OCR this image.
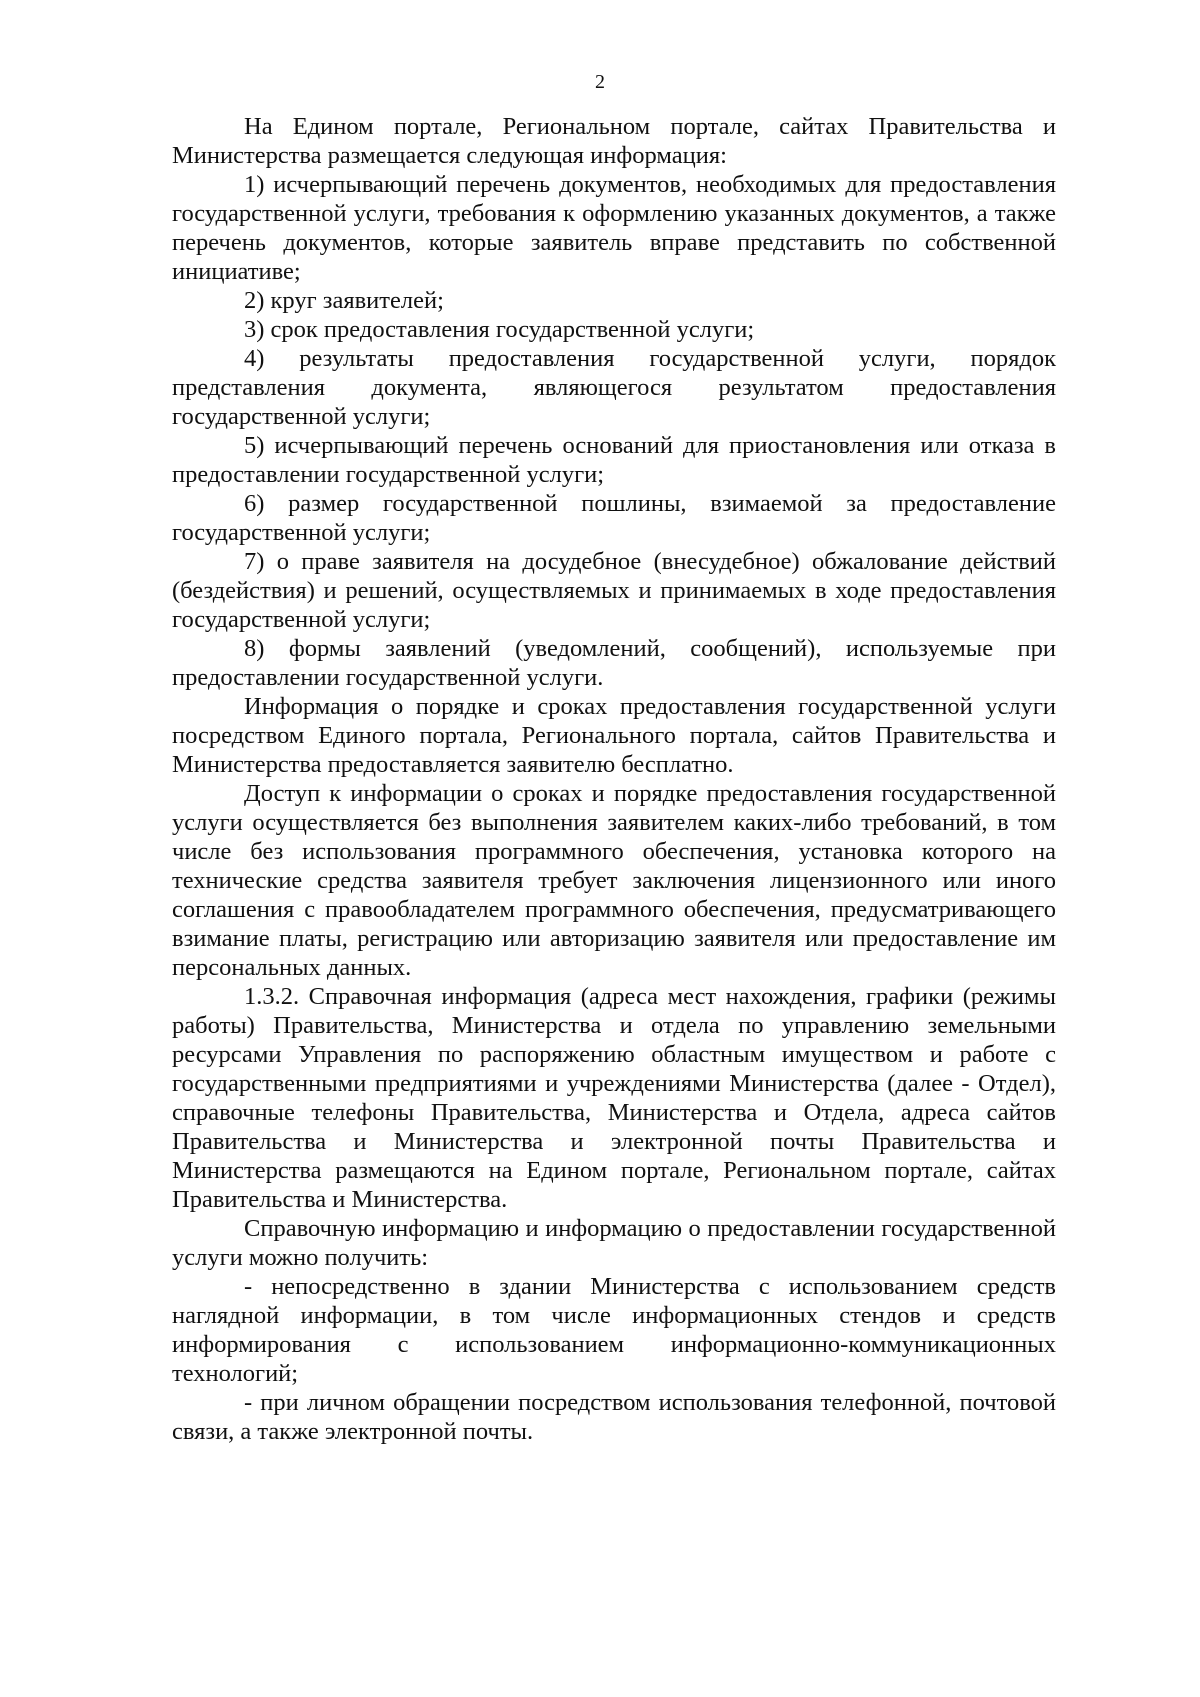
2

На Едином портале, Региональном портале, сайтах Правительства и Министерства размещается следующая информация:

1) исчерпывающий перечень документов, необходимых для предоставления государственной услуги, требования к оформлению указанных документов, а также перечень документов, которые заявитель вправе представить по собственной инициативе;

2) круг заявителей;

3) срок предоставления государственной услуги;

4) результаты предоставления государственной услуги, порядок представления документа, являющегося результатом предоставления государственной услуги;

5) исчерпывающий перечень оснований для приостановления или отказа в предоставлении государственной услуги;

6) размер государственной пошлины, взимаемой за предоставление государственной услуги;

7) о праве заявителя на досудебное (внесудебное) обжалование действий (бездействия) и решений, осуществляемых и принимаемых в ходе предоставления государственной услуги;

8) формы заявлений (уведомлений, сообщений), используемые при предоставлении государственной услуги.

Информация о порядке и сроках предоставления государственной услуги посредством Единого портала, Регионального портала, сайтов Правительства и Министерства предоставляется заявителю бесплатно.

Доступ к информации о сроках и порядке предоставления государственной услуги осуществляется без выполнения заявителем каких-либо требований, в том числе без использования программного обеспечения, установка которого на технические средства заявителя требует заключения лицензионного или иного соглашения с правообладателем программного обеспечения, предусматривающего взимание платы, регистрацию или авторизацию заявителя или предоставление им персональных данных.

1.3.2. Справочная информация (адреса мест нахождения, графики (режимы работы) Правительства, Министерства и отдела по управлению земельными ресурсами Управления по распоряжению областным имуществом и работе с государственными предприятиями и учреждениями Министерства (далее - Отдел), справочные телефоны Правительства, Министерства и Отдела, адреса сайтов Правительства и Министерства и электронной почты Правительства и Министерства размещаются на Едином портале, Региональном портале, сайтах Правительства и Министерства.

Справочную информацию и информацию о предоставлении государственной услуги можно получить:

- непосредственно в здании Министерства с использованием средств наглядной информации, в том числе информационных стендов и средств информирования с использованием информационно-коммуникационных технологий;

- при личном обращении посредством использования телефонной, почтовой связи, а также электронной почты.
